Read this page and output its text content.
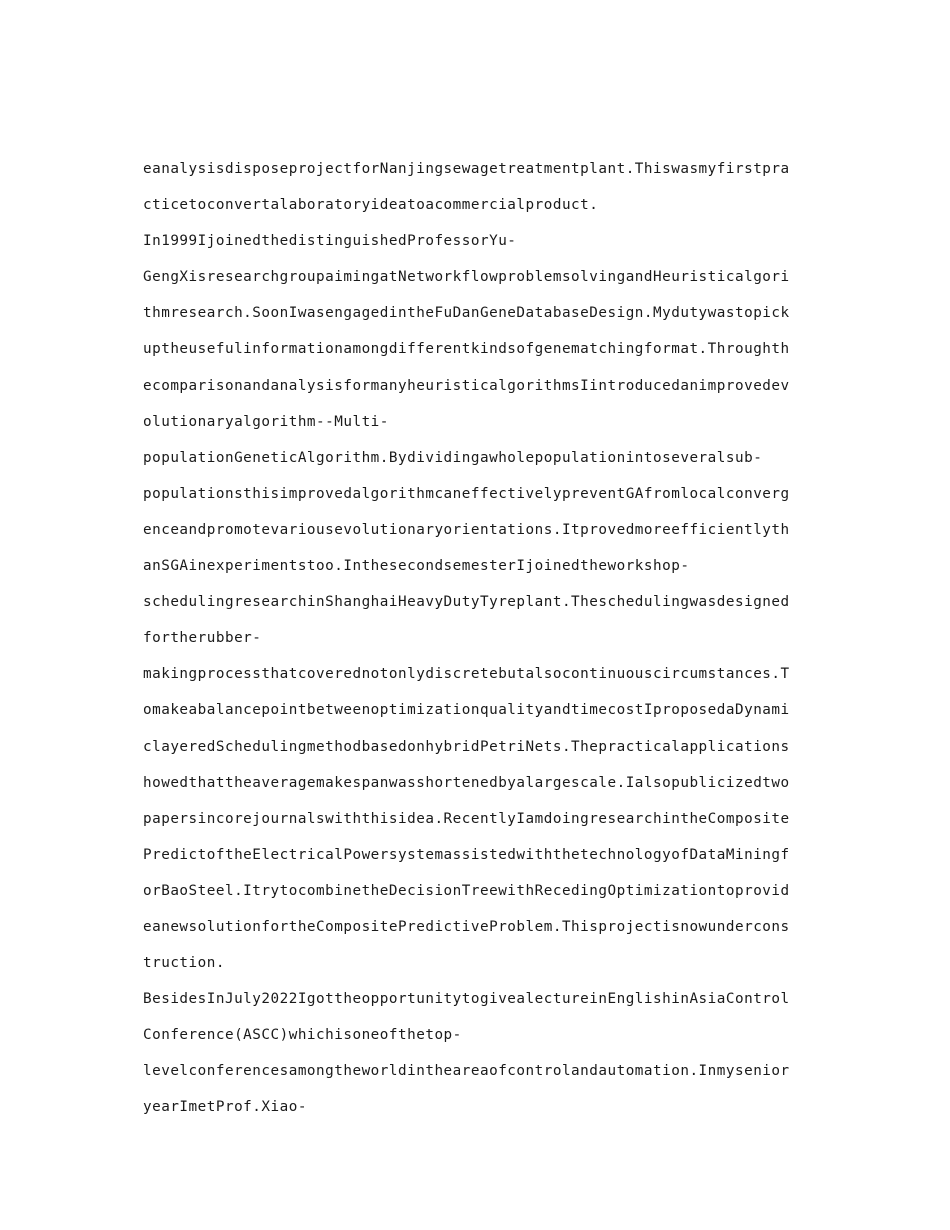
eanalysisdisposeprojectforNanjingsewagetreatmentplant.Thiswasmyfirstpra
cticetoconvertalaboratoryideatoacommercialproduct.
In1999IjoinedthedistinguishedProfessorYu-
GengXisresearchgroupaimingatNetworkflowproblemsolvingandHeuristicalgori
thmresearch.SoonIwasengagedintheFuDanGeneDatabaseDesign.Mydutywastopick
uptheusefulinformationamongdifferentkindsofgenematchingformat.Throughth
ecomparisonandanalysisformanyheuristicalgorithmsIintroducedanimprovedev
olutionaryalgorithm--Multi-
populationGeneticAlgorithm.Bydividingawholepopulationintoseveralsub-
populationsthisimprovedalgorithmcaneffectivelypreventGAfromlocalconverg
enceandpromotevariousevolutionaryorientations.Itprovedmoreefficientlyth
anSGAinexperimentstoo.InthesecondsemesterIjoinedtheworkshop-
schedulingresearchinShanghaiHeavyDutyTyreplant.Theschedulingwasdesigned
fortherubber-
makingprocessthatcoverednotonlydiscretebutalsocontinuouscircumstances.T
omakeabalancepointbetweenoptimizationqualityandtimecostIproposedaDynami
clayeredSchedulingmethodbasedonhybridPetriNets.Thepracticalapplications
howedthattheaveragemakespanwasshortenedbyalargescale.Ialsopublicizedtwo
papersincorejournalswiththisidea.RecentlyIamdoingresearchintheComposite
PredictoftheElectricalPowersystemassistedwiththetechnologyofDataMiningf
orBaoSteel.ItrytocombinetheDecisionTreewithRecedingOptimizationtoprovid
eanewsolutionfortheCompositePredictiveProblem.Thisprojectisnowundercons
truction.
BesidesInJuly2022IgottheopportunitytogivealectureinEnglishinAsiaControl
Conference(ASCC)whichisoneofthetop-
levelconferencesamongtheworldintheareaofcontrolandautomation.Inmysenior
yearImetProf.Xiao-
